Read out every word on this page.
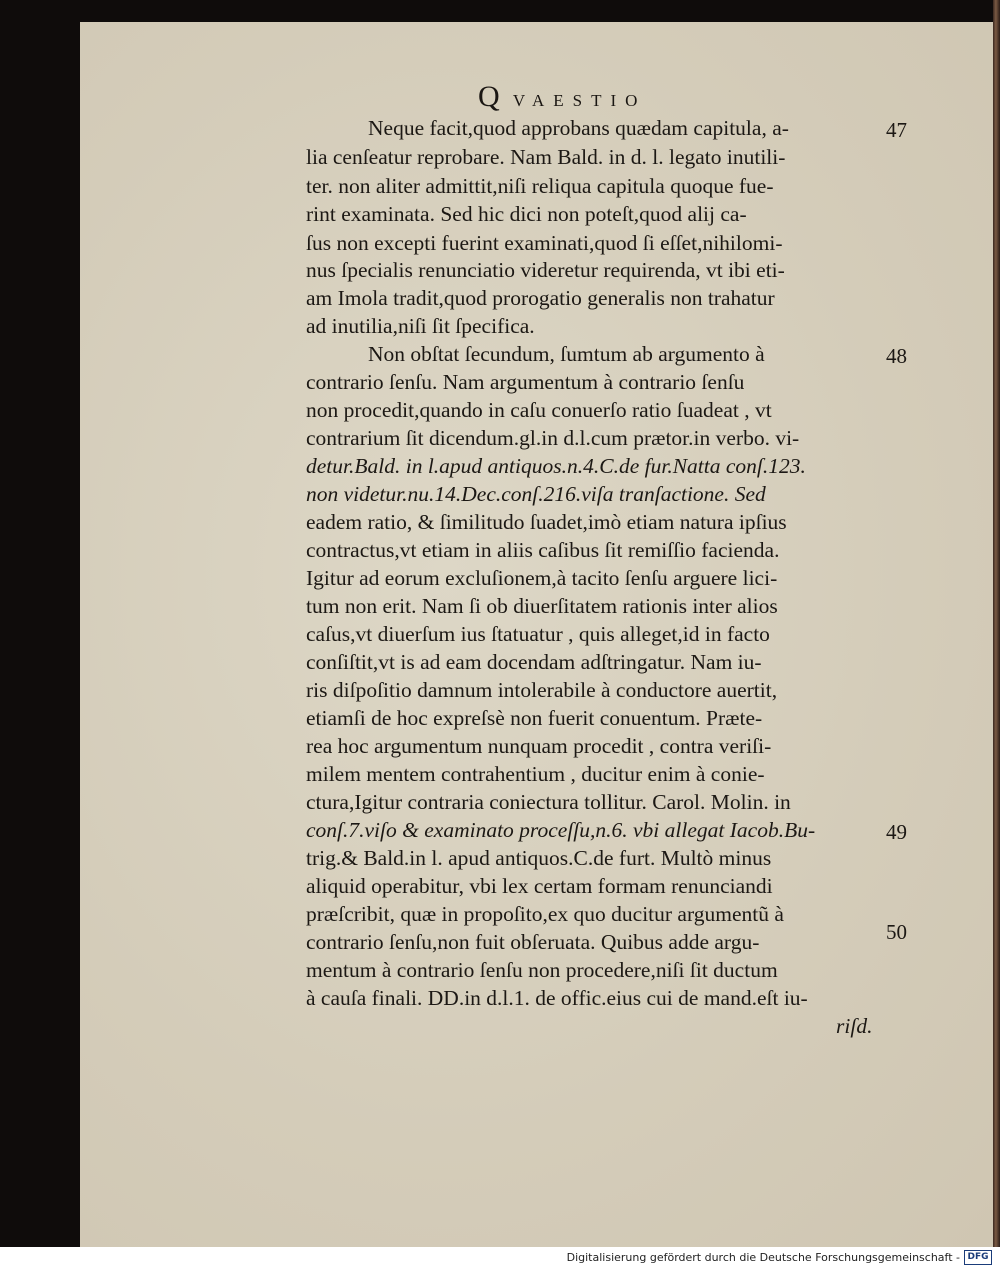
Q VAESTIO
Neque facit,quod approbans quædam capitula, a-
lia cenſeatur reprobare. Nam Bald. in d. l. legato inutili-
ter. non aliter admittit,niſi reliqua capitula quoque fue-
rint examinata. Sed hic dici non poteſt,quod alij ca-
ſus non excepti fuerint examinati,quod ſi eſſet,nihilomi-
nus ſpecialis renunciatio videretur requirenda, vt ibi eti-
am Imola tradit,quod prorogatio generalis non trahatur
ad inutilia,niſi ſit ſpecifica.
Non obſtat ſecundum, ſumtum ab argumento à
contrario ſenſu. Nam argumentum à contrario ſenſu
non procedit,quando in caſu conuerſo ratio ſuadeat , vt
contrarium ſit dicendum.gl.in d.l.cum prætor.in verbo. vi-
detur.Bald. in l.apud antiquos.n.4.C.de fur.Natta conſ.123.
non videtur.nu.14.Dec.conſ.216.viſa tranſactione. Sed
eadem ratio, & ſimilitudo ſuadet,imò etiam natura ipſius
contractus,vt etiam in aliis caſibus ſit remiſſio facienda.
Igitur ad eorum excluſionem,à tacito ſenſu arguere lici-
tum non erit. Nam ſi ob diuerſitatem rationis inter alios
caſus,vt diuerſum ius ſtatuatur , quis alleget,id in facto
conſiſtit,vt is ad eam docendam adſtringatur. Nam iu-
ris diſpoſitio damnum intolerabile à conductore auertit,
etiamſi de hoc expreſsè non fuerit conuentum. Præte-
rea hoc argumentum nunquam procedit , contra veriſi-
milem mentem contrahentium , ducitur enim à conie-
ctura,Igitur contraria coniectura tollitur. Carol. Molin. in
conſ.7.viſo & examinato proceſſu,n.6. vbi allegat Iacob.Bu-
trig.& Bald.in l. apud antiquos.C.de furt. Multò minus
aliquid operabitur, vbi lex certam formam renunciandi
præſcribit, quæ in propoſito,ex quo ducitur argumentũ à
contrario ſenſu,non fuit obſeruata. Quibus adde argu-
mentum à contrario ſenſu non procedere,niſi ſit ductum
à cauſa finali. DD.in d.l.1. de offic.eius cui de mand.eſt iu-
riſd.
47
48
49
50
Digitalisierung gefördert durch die Deutsche Forschungsgemeinschaft - DFG
